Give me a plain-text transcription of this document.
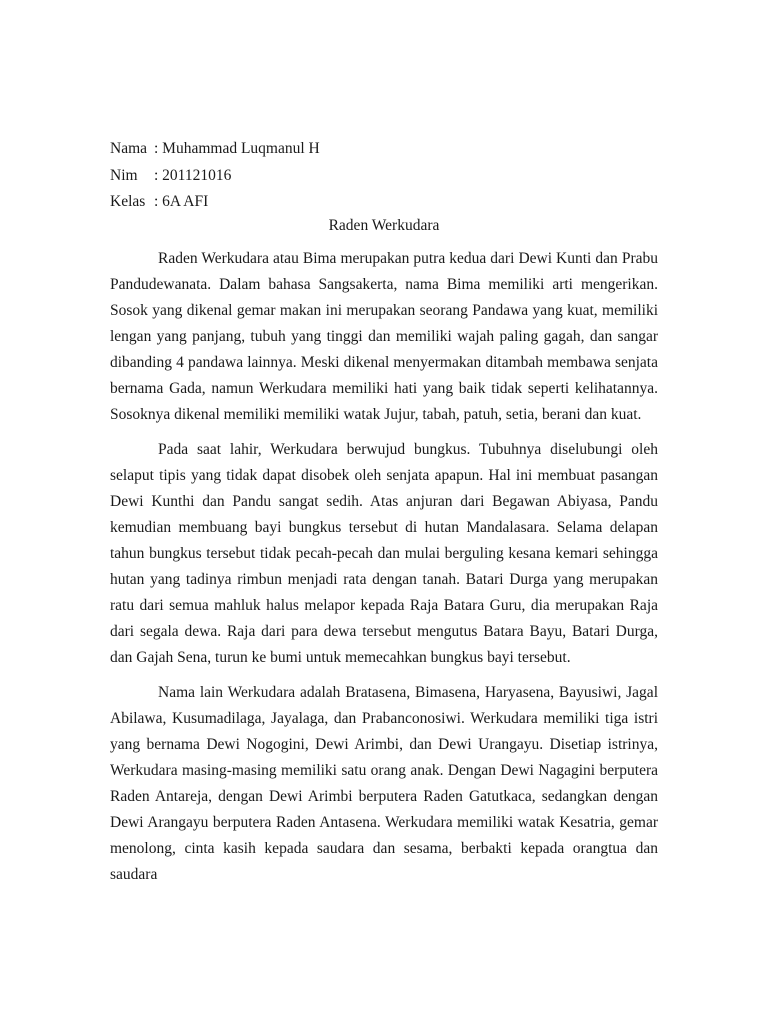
Nama : Muhammad Luqmanul H
Nim : 201121016
Kelas : 6A AFI
Raden Werkudara

Raden Werkudara atau Bima merupakan putra kedua dari Dewi Kunti dan Prabu Pandudewanata. Dalam bahasa Sangsakerta, nama Bima memiliki arti mengerikan. Sosok yang dikenal gemar makan ini merupakan seorang Pandawa yang kuat, memiliki lengan yang panjang, tubuh yang tinggi dan memiliki wajah paling gagah, dan sangar dibanding 4 pandawa lainnya. Meski dikenal menyermakan ditambah membawa senjata bernama Gada, namun Werkudara memiliki hati yang baik tidak seperti kelihatannya. Sosoknya dikenal memiliki memiliki watak Jujur, tabah, patuh, setia, berani dan kuat.

Pada saat lahir, Werkudara berwujud bungkus. Tubuhnya diselubungi oleh selaput tipis yang tidak dapat disobek oleh senjata apapun. Hal ini membuat pasangan Dewi Kunthi dan Pandu sangat sedih. Atas anjuran dari Begawan Abiyasa, Pandu kemudian membuang bayi bungkus tersebut di hutan Mandalasara. Selama delapan tahun bungkus tersebut tidak pecah-pecah dan mulai berguling kesana kemari sehingga hutan yang tadinya rimbun menjadi rata dengan tanah. Batari Durga yang merupakan ratu dari semua mahluk halus melapor kepada Raja Batara Guru, dia merupakan Raja dari segala dewa. Raja dari para dewa tersebut mengutus Batara Bayu, Batari Durga, dan Gajah Sena, turun ke bumi untuk memecahkan bungkus bayi tersebut.

Nama lain Werkudara adalah Bratasena, Bimasena, Haryasena, Bayusiwi, Jagal Abilawa, Kusumadilaga, Jayalaga, dan Prabanconosiwi. Werkudara memiliki tiga istri yang bernama Dewi Nogogini, Dewi Arimbi, dan Dewi Urangayu. Disetiap istrinya, Werkudara masing-masing memiliki satu orang anak. Dengan Dewi Nagagini berputera Raden Antareja, dengan Dewi Arimbi berputera Raden Gatutkaca, sedangkan dengan Dewi Arangayu berputera Raden Antasena. Werkudara memiliki watak Kesatria, gemar menolong, cinta kasih kepada saudara dan sesama, berbakti kepada orangtua dan saudara
